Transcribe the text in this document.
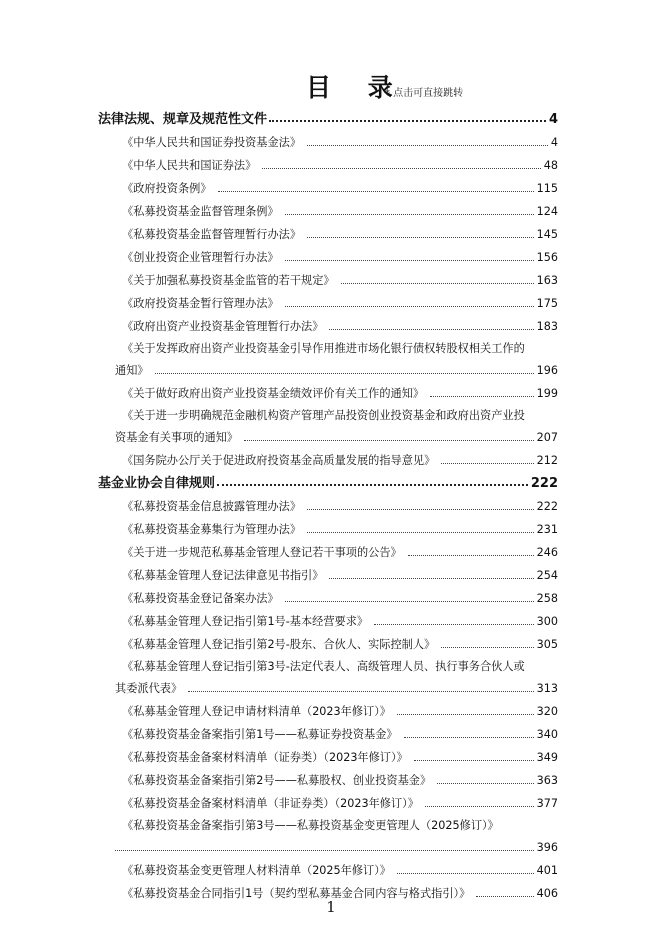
目 录
* 点击可直接跳转
法律法规、规章及规范性文件	4
《中华人民共和国证券投资基金法》	4
《中华人民共和国证券法》	48
《政府投资条例》	115
《私募投资基金监督管理条例》	124
《私募投资基金监督管理暂行办法》	145
《创业投资企业管理暂行办法》	156
《关于加强私募投资基金监管的若干规定》	163
《政府投资基金暂行管理办法》	175
《政府出资产业投资基金管理暂行办法》	183
《关于发挥政府出资产业投资基金引导作用推进市场化银行债权转股权相关工作的
通知》	196
《关于做好政府出资产业投资基金绩效评价有关工作的通知》	199
《关于进一步明确规范金融机构资产管理产品投资创业投资基金和政府出资产业投
资基金有关事项的通知》	207
《国务院办公厅关于促进政府投资基金高质量发展的指导意见》	212
基金业协会自律规则	222
《私募投资基金信息披露管理办法》	222
《私募投资基金募集行为管理办法》	231
《关于进一步规范私募基金管理人登记若干事项的公告》	246
《私募基金管理人登记法律意见书指引》	254
《私募投资基金登记备案办法》	258
《私募基金管理人登记指引第1号-基本经营要求》	300
《私募基金管理人登记指引第2号-股东、合伙人、实际控制人》	305
《私募基金管理人登记指引第3号-法定代表人、高级管理人员、执行事务合伙人或
其委派代表》	313
《私募基金管理人登记申请材料清单（2023年修订）》	320
《私募投资基金备案指引第1号——私募证券投资基金》	340
《私募投资基金备案材料清单（证券类）（2023年修订）》	349
《私募投资基金备案指引第2号——私募股权、创业投资基金》	363
《私募投资基金备案材料清单（非证券类）（2023年修订）》	377
《私募投资基金备案指引第3号——私募投资基金变更管理人（2025修订）》
396
《私募投资基金变更管理人材料清单（2025年修订）》	401
《私募投资基金合同指引1号（契约型私募基金合同内容与格式指引）》	406
1
